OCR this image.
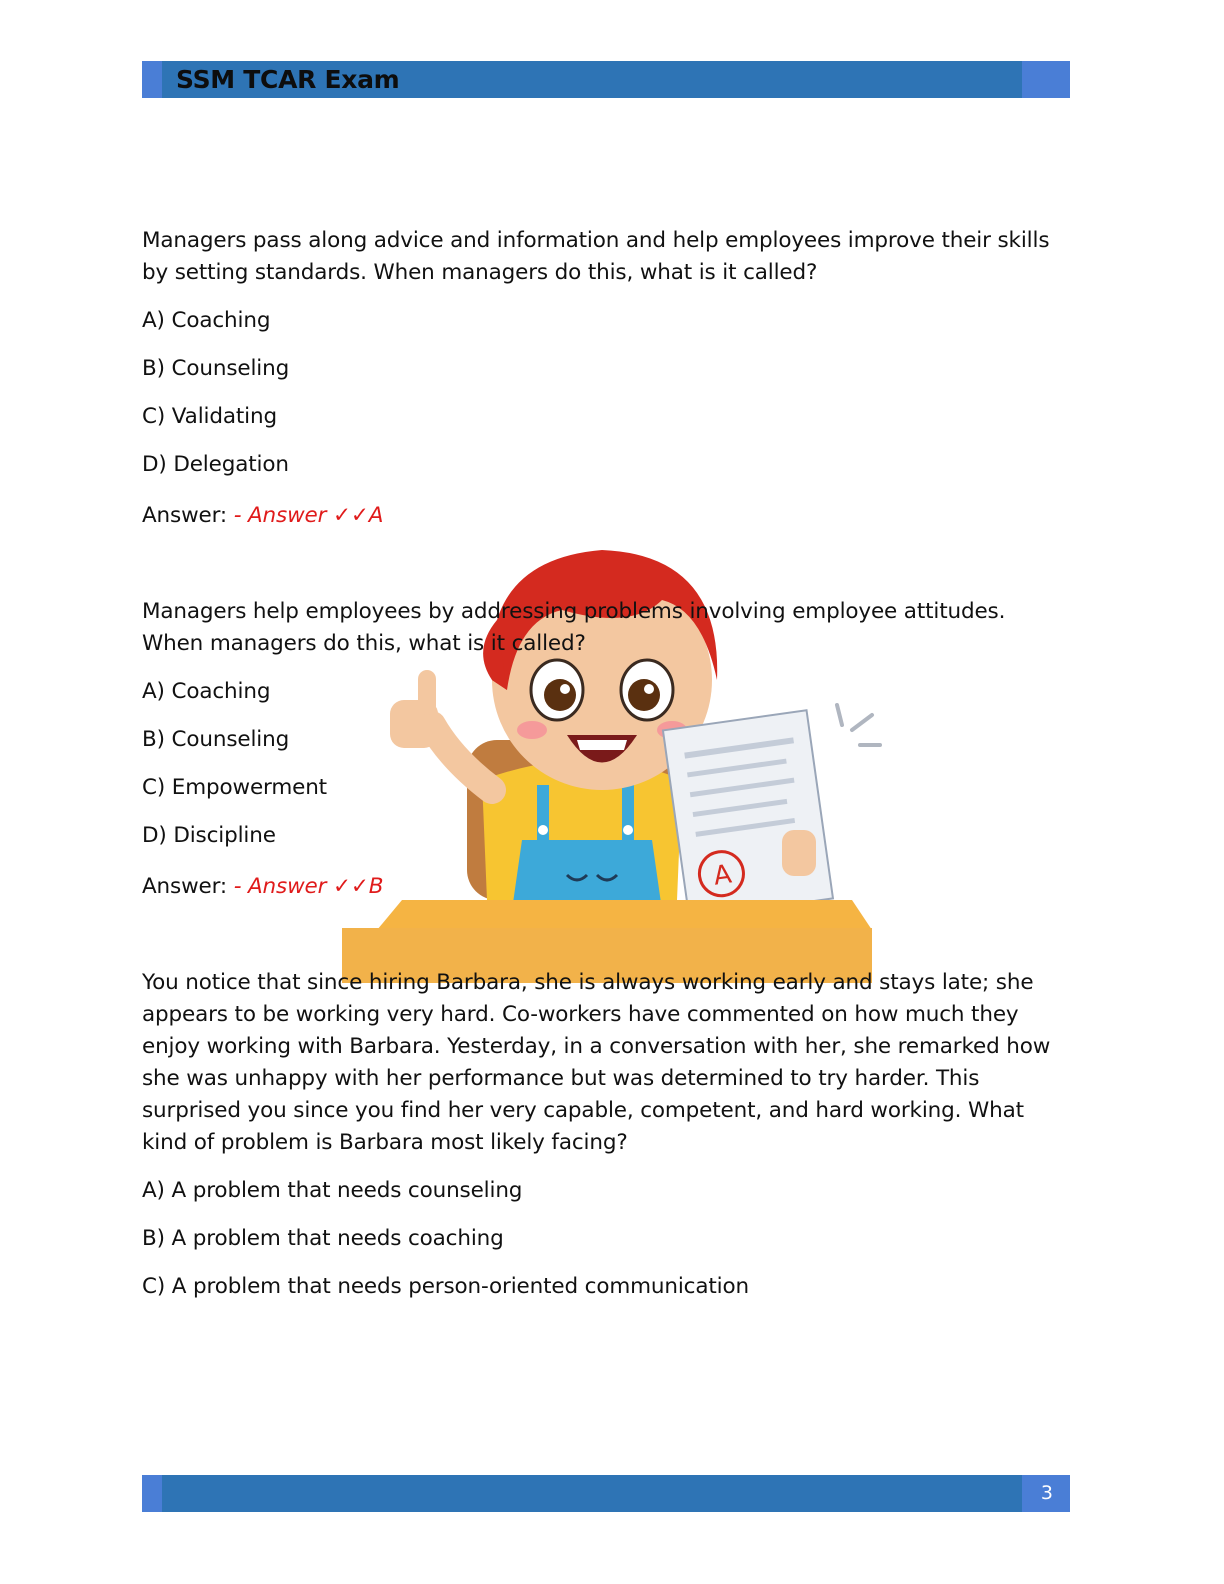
SSM TCAR Exam
A

Managers pass along advice and information and help employees improve their skills by setting standards. When managers do this, what is it called?

A) Coaching

B) Counseling

C) Validating

D) Delegation

Answer: - Answer ✓✓A

Managers help employees by addressing problems involving employee attitudes. When managers do this, what is it called?

A) Coaching

B) Counseling

C) Empowerment

D) Discipline

Answer: - Answer ✓✓B

You notice that since hiring Barbara, she is always working early and stays late; she appears to be working very hard. Co-workers have commented on how much they enjoy working with Barbara. Yesterday, in a conversation with her, she remarked how she was unhappy with her performance but was determined to try harder. This surprised you since you find her very capable, competent, and hard working. What kind of problem is Barbara most likely facing?

A) A problem that needs counseling

B) A problem that needs coaching

C) A problem that needs person-oriented communication

3
